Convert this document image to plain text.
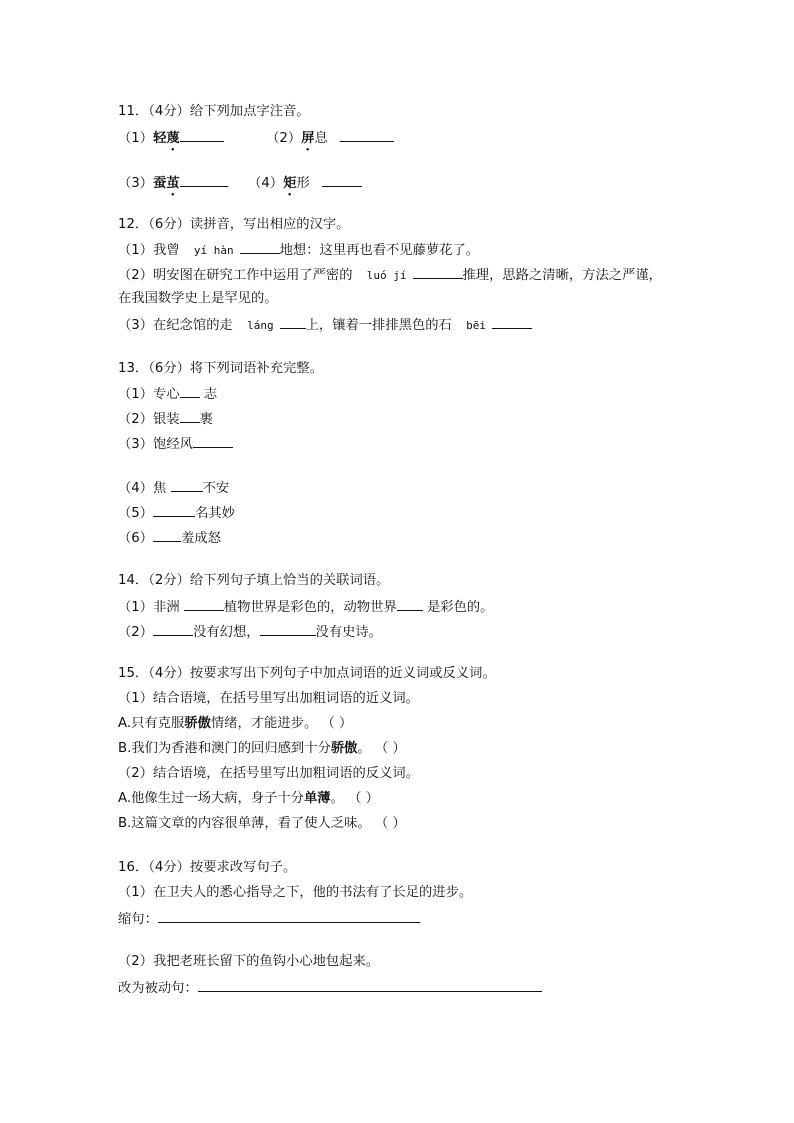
11．（4分）给下列加点字注音。
（1）轻蔑	（2）屏息
（3）蚕茧	（4）矩形
12．（6分）读拼音，写出相应的汉字。
（1）我曾 yí hàn	地想：这里再也看不见藤萝花了。
（2）明安图在研究工作中运用了严密的 luó jí	推理，思路之清晰，方法之严谨，
在我国数学史上是罕见的。
（3）在纪念馆的走 láng 上，镶着一排排黑色的石 bēi
13．（6分）将下列词语补充完整。
（1）专心 志
（2）银装 裹
（3）饱经风
（4）焦	不安
（5）	名其妙
（6） 羞成怒
14．（2分）给下列句子填上恰当的关联词语。
（1）非洲	植物世界是彩色的，动物世界 是彩色的。
（2）	没有幻想，	没有史诗。
15．（4分）按要求写出下列句子中加点词语的近义词或反义词。
（1）结合语境，在括号里写出加粗词语的近义词。
A.只有克服骄傲情绪，才能进步。 （ ）
B.我们为香港和澳门的回归感到十分骄傲。 （ ）
（2）结合语境，在括号里写出加粗词语的反义词。
A.他像生过一场大病，身子十分单薄。 （ ）
B.这篇文章的内容很单薄，看了使人乏味。 （ ）
16．（4分）按要求改写句子。
（1）在卫夫人的悉心指导之下，他的书法有了长足的进步。
缩句：
（2）我把老班长留下的鱼钩小心地包起来。
改为被动句：
